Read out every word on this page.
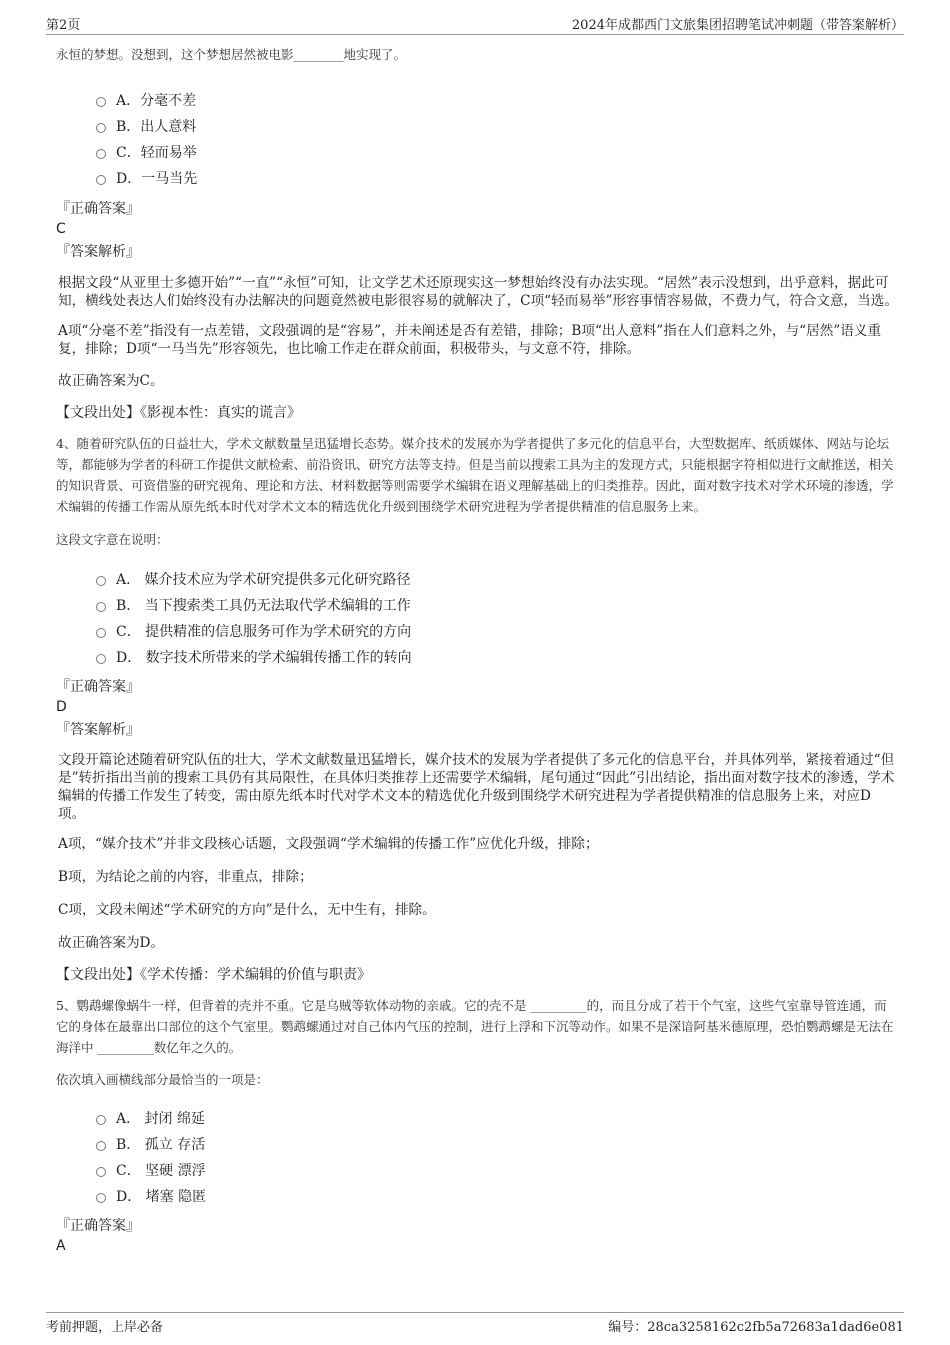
第2页	2024年成都西门文旅集团招聘笔试冲刺题（带答案解析）

永恒的梦想。没想到，这个梦想居然被电影________地实现了。

A．分毫不差
B．出人意料
C．轻而易举
D．一马当先

『正确答案』

C

『答案解析』

根据文段“从亚里士多德开始”“一直”“永恒”可知，让文学艺术还原现实这一梦想始终没有办法实现。“居然”表示没想到，出乎意料，据此可知，横线处表达人们始终没有办法解决的问题竟然被电影很容易的就解决了，C项“轻而易举”形容事情容易做，不费力气，符合文意，当选。

A项“分毫不差”指没有一点差错，文段强调的是“容易”，并未阐述是否有差错，排除；B项“出人意料”指在人们意料之外，与“居然”语义重复，排除；D项“一马当先”形容领先，也比喻工作走在群众前面，积极带头，与文意不符，排除。

故正确答案为C。

【文段出处】《影视本性：真实的谎言》

4、随着研究队伍的日益壮大，学术文献数量呈迅猛增长态势。媒介技术的发展亦为学者提供了多元化的信息平台，大型数据库、纸质媒体、网站与论坛等，都能够为学者的科研工作提供文献检索、前沿资讯、研究方法等支持。但是当前以搜索工具为主的发现方式，只能根据字符相似进行文献推送，相关的知识背景、可资借鉴的研究视角、理论和方法、材料数据等则需要学术编辑在语义理解基础上的归类推荐。因此，面对数字技术对学术环境的渗透，学术编辑的传播工作需从原先纸本时代对学术文本的精选优化升级到围绕学术研究进程为学者提供精准的信息服务上来。

这段文字意在说明：

A． 媒介技术应为学术研究提供多元化研究路径
B． 当下搜索类工具仍无法取代学术编辑的工作
C． 提供精准的信息服务可作为学术研究的方向
D． 数字技术所带来的学术编辑传播工作的转向

『正确答案』

D

『答案解析』

文段开篇论述随着研究队伍的壮大，学术文献数量迅猛增长，媒介技术的发展为学者提供了多元化的信息平台，并具体列举，紧接着通过“但是”转折指出当前的搜索工具仍有其局限性，在具体归类推荐上还需要学术编辑，尾句通过“因此”引出结论，指出面对数字技术的渗透，学术编辑的传播工作发生了转变，需由原先纸本时代对学术文本的精选优化升级到围绕学术研究进程为学者提供精准的信息服务上来，对应D项。

A项，“媒介技术”并非文段核心话题，文段强调“学术编辑的传播工作”应优化升级，排除；

B项，为结论之前的内容，非重点，排除；

C项，文段未阐述“学术研究的方向”是什么，无中生有，排除。

故正确答案为D。

【文段出处】《学术传播：学术编辑的价值与职责》

5、鹦鹉螺像蜗牛一样，但背着的壳并不重。它是乌贼等软体动物的亲戚。它的壳不是 _________的，而且分成了若干个气室，这些气室靠导管连通，而它的身体在最靠出口部位的这个气室里。鹦鹉螺通过对自己体内气压的控制，进行上浮和下沉等动作。如果不是深谙阿基米德原理，恐怕鹦鹉螺是无法在海洋中 _________数亿年之久的。

依次填入画横线部分最恰当的一项是：

A． 封闭 绵延
B． 孤立 存活
C． 坚硬 漂浮
D． 堵塞 隐匿

『正确答案』

A

考前押题，上岸必备	编号：28ca3258162c2fb5a72683a1dad6e081
